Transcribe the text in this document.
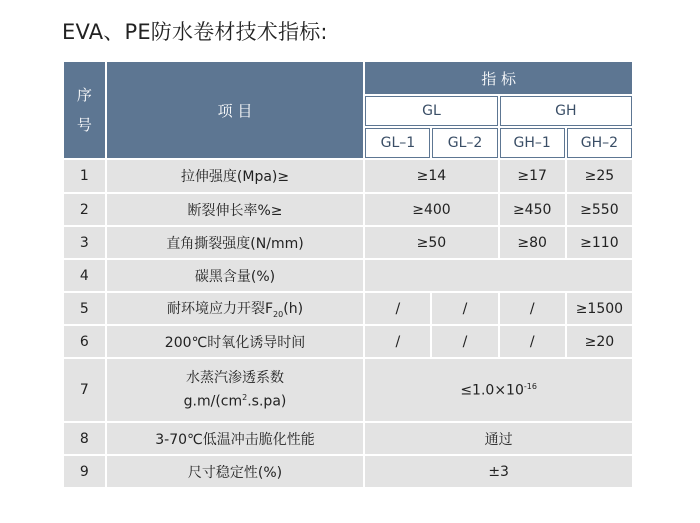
EVA、PE防水卷材技术指标:
序号	项 目	指 标			
		GL		GH	
		GL–1	GL–2	GH–1	GH–2
1	拉伸强度(Mpa)≥	≥14		≥17	≥25
2	断裂伸长率%≥	≥400		≥450	≥550
3	直角撕裂强度(N/mm)	≥50		≥80	≥110
4	碳黑含量(%)				
5	耐环境应力开裂$F_{20}(h)$	/	/	/	≥1500
6	200℃时氧化诱导时间	/	/	/	≥20
7	水蒸汽渗透系数
$g.m/(cm^2.s.pa)$	$\le 1.0\times 10^{-16}$
8	3-70℃低温冲击脆化性能	通过			
9	尺寸稳定性(%)	±3			
